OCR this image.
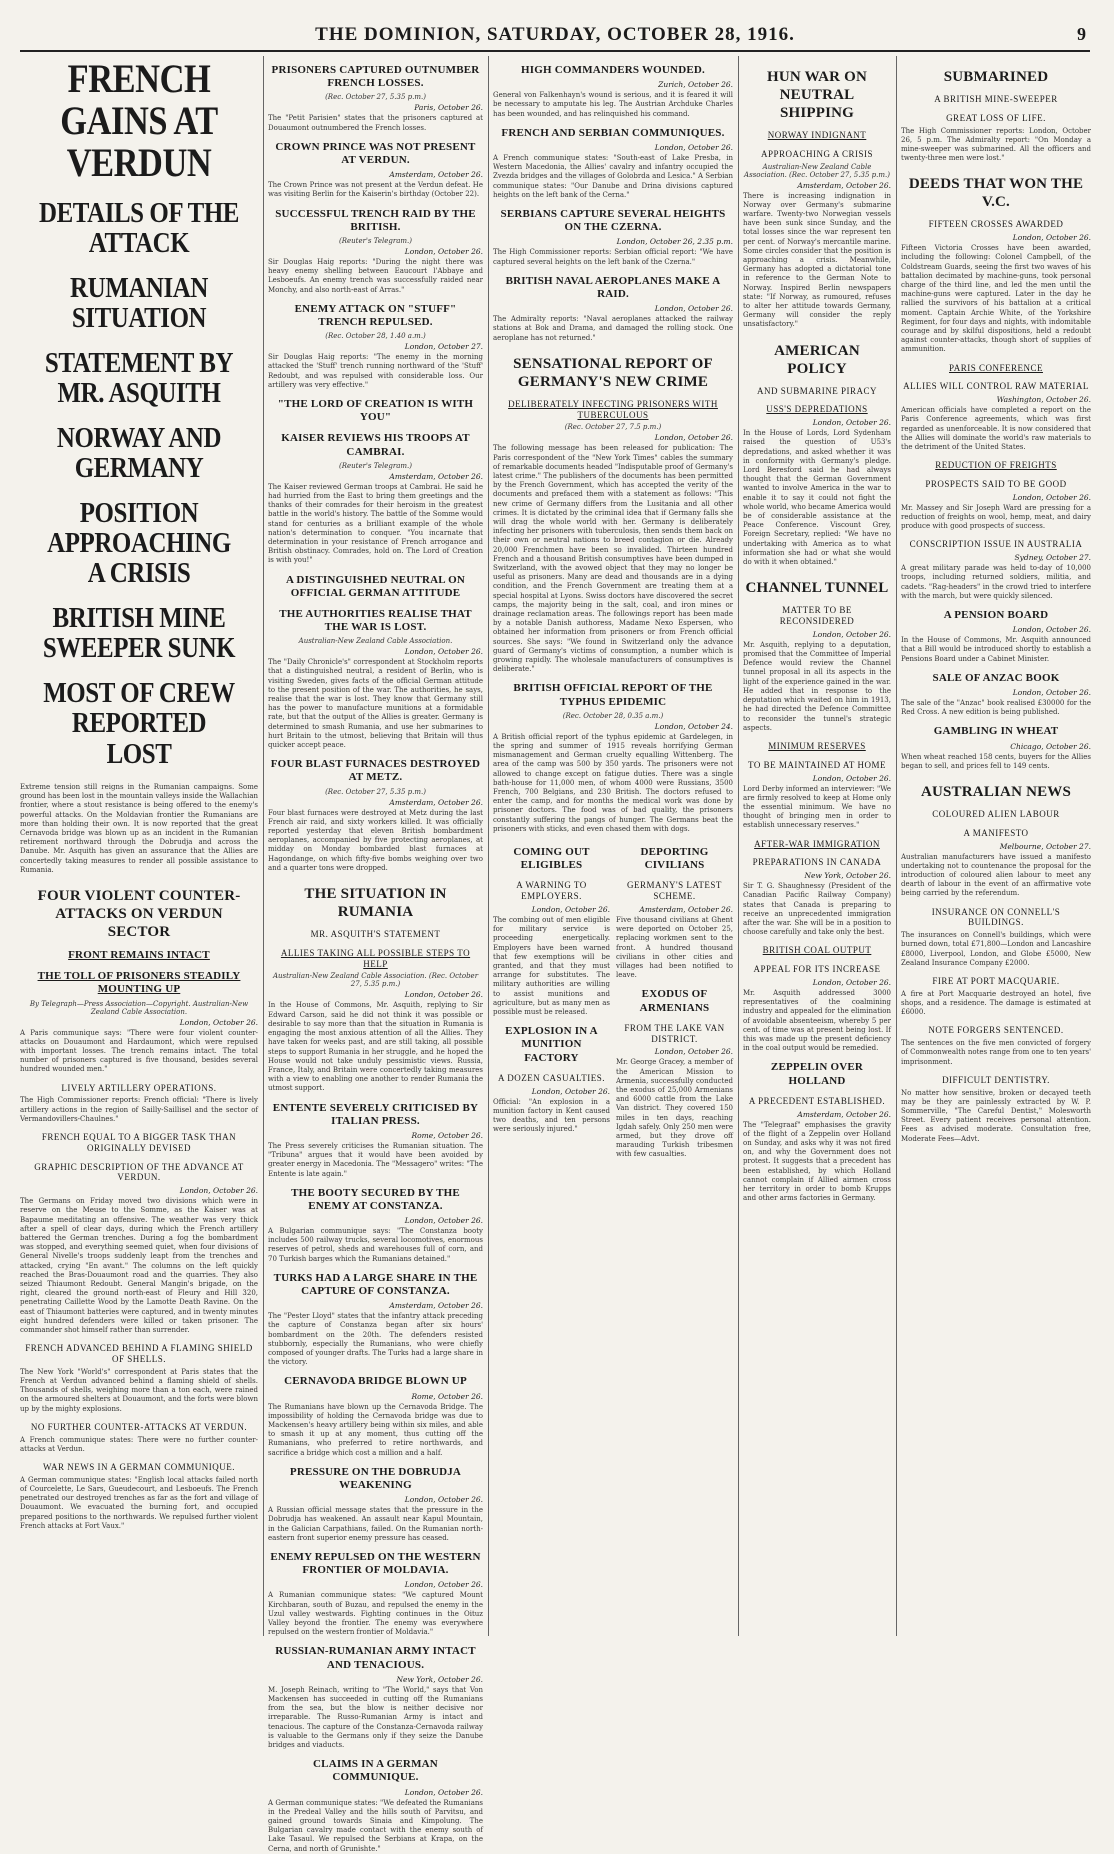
THE DOMINION, SATURDAY, OCTOBER 28, 1916.	9
FRENCH GAINS AT VERDUN
DETAILS OF THE ATTACK
RUMANIAN SITUATION
STATEMENT BY MR. ASQUITH
NORWAY AND GERMANY
POSITION APPROACHING A CRISIS
BRITISH MINE SWEEPER SUNK
MOST OF CREW REPORTED LOST
Extreme tension still reigns in the Rumanian campaigns. Some ground has been lost in the mountain valleys inside the Wallachian frontier, where a stout resistance is being offered to the enemy's powerful attacks. On the Moldavian frontier the Rumanians are more than holding their own. It is now reported that the great Cernavoda bridge was blown up as an incident in the Rumanian retirement northward through the Dobrudja and across the Danube. Mr. Asquith has given an assurance that the Allies are concertedly taking measures to render all possible assistance to Rumania.
FOUR VIOLENT COUNTER-ATTACKS ON VERDUN SECTOR
FRONT REMAINS INTACT
THE TOLL OF PRISONERS STEADILY MOUNTING UP
By Telegraph—Press Association—Copyright. Australian-New Zealand Cable Association.
London, October 26.
A Paris communique says: "There were four violent counter-attacks on Douaumont and Hardaumont, which were repulsed with important losses. The trench remains intact. The total number of prisoners captured is five thousand, besides several hundred wounded men."
LIVELY ARTILLERY OPERATIONS.
The High Commissioner reports: French official: "There is lively artillery actions in the region of Sailly-Saillisel and the sector of Vermandovillers-Chaulnes."
FRENCH EQUAL TO A BIGGER TASK THAN ORIGINALLY DEVISED
GRAPHIC DESCRIPTION OF THE ADVANCE AT VERDUN.
London, October 26.
The Germans on Friday moved two divisions which were in reserve on the Meuse to the Somme, as the Kaiser was at Bapaume meditating an offensive. The weather was very thick after a spell of clear days, during which the French artillery battered the German trenches. During a fog the bombardment was stopped, and everything seemed quiet, when four divisions of General Nivelle's troops suddenly leapt from the trenches and attacked, crying "En avant." The columns on the left quickly reached the Bras-Douaumont road and the quarries. They also seized Thiaumont Redoubt. General Mangin's brigade, on the right, cleared the ground north-east of Fleury and Hill 320, penetrating Caillette Wood by the Lamotte Death Ravine. On the east of Thiaumont batteries were captured, and in twenty minutes eight hundred defenders were killed or taken prisoner. The commander shot himself rather than surrender.
FRENCH ADVANCED BEHIND A FLAMING SHIELD OF SHELLS.
The New York "World's" correspondent at Paris states that the French at Verdun advanced behind a flaming shield of shells. Thousands of shells, weighing more than a ton each, were rained on the armoured shelters at Douaumont, and the forts were blown up by the mighty explosions.
NO FURTHER COUNTER-ATTACKS AT VERDUN.
A French communique states: There were no further counter-attacks at Verdun.
WAR NEWS IN A GERMAN COMMUNIQUE.
A German communique states: "English local attacks failed north of Courcelette, Le Sars, Gueudecourt, and Lesboeufs. The French penetrated our destroyed trenches as far as the fort and village of Douaumont. We evacuated the burning fort, and occupied prepared positions to the northwards. We repulsed further violent French attacks at Fort Vaux."
PRISONERS CAPTURED OUTNUMBER FRENCH LOSSES.
(Rec. October 27, 5.35 p.m.)
Paris, October 26.
The "Petit Parisien" states that the prisoners captured at Douaumont outnumbered the French losses.
CROWN PRINCE WAS NOT PRESENT AT VERDUN.
Amsterdam, October 26.
The Crown Prince was not present at the Verdun defeat. He was visiting Berlin for the Kaiserin's birthday (October 22).
SUCCESSFUL TRENCH RAID BY THE BRITISH.
(Reuter's Telegram.)
London, October 26.
Sir Douglas Haig reports: "During the night there was heavy enemy shelling between Eaucourt l'Abbaye and Lesboeufs. An enemy trench was successfully raided near Monchy, and also north-east of Arras."
ENEMY ATTACK ON "STUFF" TRENCH REPULSED.
(Rec. October 28, 1.40 a.m.)
London, October 27.
Sir Douglas Haig reports: "The enemy in the morning attacked the 'Stuff' trench running northward of the 'Stuff' Redoubt, and was repulsed with considerable loss. Our artillery was very effective."
"THE LORD OF CREATION IS WITH YOU"
KAISER REVIEWS HIS TROOPS AT CAMBRAI.
(Reuter's Telegram.)
Amsterdam, October 26.
The Kaiser reviewed German troops at Cambrai. He said he had hurried from the East to bring them greetings and the thanks of their comrades for their heroism in the greatest battle in the world's history. The battle of the Somme would stand for centuries as a brilliant example of the whole nation's determination to conquer. "You incarnate that determination in your resistance of French arrogance and British obstinacy. Comrades, hold on. The Lord of Creation is with you!"
A DISTINGUISHED NEUTRAL ON OFFICIAL GERMAN ATTITUDE
THE AUTHORITIES REALISE THAT THE WAR IS LOST.
Australian-New Zealand Cable Association.
London, October 26.
The "Daily Chronicle's" correspondent at Stockholm reports that a distinguished neutral, a resident of Berlin, who is visiting Sweden, gives facts of the official German attitude to the present position of the war. The authorities, he says, realise that the war is lost. They know that Germany still has the power to manufacture munitions at a formidable rate, but that the output of the Allies is greater. Germany is determined to smash Rumania, and use her submarines to hurt Britain to the utmost, believing that Britain will thus quicker accept peace.
FOUR BLAST FURNACES DESTROYED AT METZ.
(Rec. October 27, 5.35 p.m.)
Amsterdam, October 26.
Four blast furnaces were destroyed at Metz during the last French air raid, and sixty workers killed. It was officially reported yesterday that eleven British bombardment aeroplanes, accompanied by five protecting aeroplanes, at midday on Monday bombarded blast furnaces at Hagondange, on which fifty-five bombs weighing over two and a quarter tons were dropped.
THE SITUATION IN RUMANIA
MR. ASQUITH'S STATEMENT
ALLIES TAKING ALL POSSIBLE STEPS TO HELP
Australian-New Zealand Cable Association. (Rec. October 27, 5.35 p.m.)
London, October 26.
In the House of Commons, Mr. Asquith, replying to Sir Edward Carson, said he did not think it was possible or desirable to say more than that the situation in Rumania is engaging the most anxious attention of all the Allies. They have taken for weeks past, and are still taking, all possible steps to support Rumania in her struggle, and he hoped the House would not take unduly pessimistic views. Russia, France, Italy, and Britain were concertedly taking measures with a view to enabling one another to render Rumania the utmost support.
ENTENTE SEVERELY CRITICISED BY ITALIAN PRESS.
Rome, October 26.
The Press severely criticises the Rumanian situation. The "Tribuna" argues that it would have been avoided by greater energy in Macedonia. The "Messagero" writes: "The Entente is late again."
THE BOOTY SECURED BY THE ENEMY AT CONSTANZA.
London, October 26.
A Bulgarian communique says: "The Constanza booty includes 500 railway trucks, several locomotives, enormous reserves of petrol, sheds and warehouses full of corn, and 70 Turkish barges which the Rumanians detained."
TURKS HAD A LARGE SHARE IN THE CAPTURE OF CONSTANZA.
Amsterdam, October 26.
The "Pester Lloyd" states that the infantry attack preceding the capture of Constanza began after six hours' bombardment on the 20th. The defenders resisted stubbornly, especially the Rumanians, who were chiefly composed of younger drafts. The Turks had a large share in the victory.
CERNAVODA BRIDGE BLOWN UP
Rome, October 26.
The Rumanians have blown up the Cernavoda Bridge. The impossibility of holding the Cernavoda bridge was due to Mackensen's heavy artillery being within six miles, and able to smash it up at any moment, thus cutting off the Rumanians, who preferred to retire northwards, and sacrifice a bridge which cost a million and a half.
PRESSURE ON THE DOBRUDJA WEAKENING
London, October 26.
A Russian official message states that the pressure in the Dobrudja has weakened. An assault near Kapul Mountain, in the Galician Carpathians, failed. On the Rumanian north-eastern front superior enemy pressure has ceased.
ENEMY REPULSED ON THE WESTERN FRONTIER OF MOLDAVIA.
London, October 26.
A Rumanian communique states: "We captured Mount Kirchbaran, south of Buzau, and repulsed the enemy in the Uzul valley westwards. Fighting continues in the Oituz Valley beyond the frontier. The enemy was everywhere repulsed on the western frontier of Moldavia."
RUSSIAN-RUMANIAN ARMY INTACT AND TENACIOUS.
New York, October 26.
M. Joseph Reinach, writing to "The World," says that Von Mackensen has succeeded in cutting off the Rumanians from the sea, but the blow is neither decisive nor irreparable. The Russo-Rumanian Army is intact and tenacious. The capture of the Constanza-Cernavoda railway is valuable to the Germans only if they seize the Danube bridges and viaducts.
CLAIMS IN A GERMAN COMMUNIQUE.
London, October 26.
A German communique states: "We defeated the Rumanians in the Predeal Valley and the hills south of Parvitsu, and gained ground towards Sinaia and Kimpolung. The Bulgarian cavalry made contact with the enemy south of Lake Tasaul. We repulsed the Serbians at Krapa, on the Cerna, and north of Grunishte."
HIGH COMMANDERS WOUNDED.
Zurich, October 26.
General von Falkenhayn's wound is serious, and it is feared it will be necessary to amputate his leg. The Austrian Archduke Charles has been wounded, and has relinquished his command.
FRENCH AND SERBIAN COMMUNIQUES.
London, October 26.
A French communique states: "South-east of Lake Presba, in Western Macedonia, the Allies' cavalry and infantry occupied the Zvezda bridges and the villages of Golobrda and Lesica." A Serbian communique states: "Our Danube and Drina divisions captured heights on the left bank of the Cerna."
SERBIANS CAPTURE SEVERAL HEIGHTS ON THE CZERNA.
London, October 26, 2.35 p.m.
The High Commissioner reports: Serbian official report: "We have captured several heights on the left bank of the Czerna."
BRITISH NAVAL AEROPLANES MAKE A RAID.
London, October 26.
The Admiralty reports: "Naval aeroplanes attacked the railway stations at Bok and Drama, and damaged the rolling stock. One aeroplane has not returned."
SENSATIONAL REPORT OF GERMANY'S NEW CRIME
DELIBERATELY INFECTING PRISONERS WITH TUBERCULOUS
(Rec. October 27, 7.5 p.m.)
London, October 26.
The following message has been released for publication: The Paris correspondent of the "New York Times" cables the summary of remarkable documents headed "Indisputable proof of Germany's latest crime." The publishers of the documents has been permitted by the French Government, which has accepted the verity of the documents and prefaced them with a statement as follows: "This new crime of Germany differs from the Lusitania and all other crimes. It is dictated by the criminal idea that if Germany falls she will drag the whole world with her. Germany is deliberately infecting her prisoners with tuberculosis, then sends them back on their own or neutral nations to breed contagion or die. Already 20,000 Frenchmen have been so invalided. Thirteen hundred French and a thousand British consumptives have been dumped in Switzerland, with the avowed object that they may no longer be useful as prisoners. Many are dead and thousands are in a dying condition, and the French Government are treating them at a special hospital at Lyons. Swiss doctors have discovered the secret camps, the majority being in the salt, coal, and iron mines or drainage reclamation areas. The followings report has been made by a notable Danish authoress, Madame Nexo Espersen, who obtained her information from prisoners or from French official sources. She says: "We found in Switzerland only the advance guard of Germany's victims of consumption, a number which is growing rapidly. The wholesale manufacturers of consumptives is deliberate."
BRITISH OFFICIAL REPORT OF THE TYPHUS EPIDEMIC
(Rec. October 28, 0.35 a.m.)
London, October 24.
A British official report of the typhus epidemic at Gardelegen, in the spring and summer of 1915 reveals horrifying German mismanagement and German cruelty equalling Wittenberg. The area of the camp was 500 by 350 yards. The prisoners were not allowed to change except on fatigue duties. There was a single bath-house for 11,000 men, of whom 4000 were Russians, 3500 French, 700 Belgians, and 230 British. The doctors refused to enter the camp, and for months the medical work was done by prisoner doctors. The food was of bad quality, the prisoners constantly suffering the pangs of hunger. The Germans beat the prisoners with sticks, and even chased them with dogs.
COMING OUT ELIGIBLES
A WARNING TO EMPLOYERS.
London, October 26.
The combing out of men eligible for military service is proceeding energetically. Employers have been warned that few exemptions will be granted, and that they must arrange for substitutes. The military authorities are willing to assist munitions and agriculture, but as many men as possible must be released.
EXPLOSION IN A MUNITION FACTORY
A DOZEN CASUALTIES.
London, October 26.
Official: "An explosion in a munition factory in Kent caused two deaths, and ten persons were seriously injured."
DEPORTING CIVILIANS
GERMANY'S LATEST SCHEME.
Amsterdam, October 26.
Five thousand civilians at Ghent were deported on October 25, replacing workmen sent to the front. A hundred thousand civilians in other cities and villages had been notified to leave.
EXODUS OF ARMENIANS
FROM THE LAKE VAN DISTRICT.
London, October 26.
Mr. George Gracey, a member of the American Mission to Armenia, successfully conducted the exodus of 25,000 Armenians and 6000 cattle from the Lake Van district. They covered 150 miles in ten days, reaching Igdah safely. Only 250 men were armed, but they drove off marauding Turkish tribesmen with few casualties.
HUN WAR ON NEUTRAL SHIPPING
NORWAY INDIGNANT
APPROACHING A CRISIS
Australian-New Zealand Cable Association. (Rec. October 27, 5.35 p.m.)
Amsterdam, October 26.
There is increasing indignation in Norway over Germany's submarine warfare. Twenty-two Norwegian vessels have been sunk since Sunday, and the total losses since the war represent ten per cent. of Norway's mercantile marine. Some circles consider that the position is approaching a crisis. Meanwhile, Germany has adopted a dictatorial tone in reference to the German Note to Norway. Inspired Berlin newspapers state: "If Norway, as rumoured, refuses to alter her attitude towards Germany, Germany will consider the reply unsatisfactory."
AMERICAN POLICY
AND SUBMARINE PIRACY
USS'S DEPREDATIONS
London, October 26.
In the House of Lords, Lord Sydenham raised the question of U53's depredations, and asked whether it was in conformity with Germany's pledge. Lord Beresford said he had always thought that the German Government wanted to involve America in the war to enable it to say it could not fight the whole world, who became America would be of considerable assistance at the Peace Conference. Viscount Grey, Foreign Secretary, replied: "We have no undertaking with America as to what information she had or what she would do with it when obtained."
CHANNEL TUNNEL
MATTER TO BE RECONSIDERED
London, October 26.
Mr. Asquith, replying to a deputation, promised that the Committee of Imperial Defence would review the Channel tunnel proposal in all its aspects in the light of the experience gained in the war. He added that in response to the deputation which waited on him in 1913, he had directed the Defence Committee to reconsider the tunnel's strategic aspects.
MINIMUM RESERVES
TO BE MAINTAINED AT HOME
London, October 26.
Lord Derby informed an interviewer: "We are firmly resolved to keep at Home only the essential minimum. We have no thought of bringing men in order to establish unnecessary reserves."
AFTER-WAR IMMIGRATION
PREPARATIONS IN CANADA
New York, October 26.
Sir T. G. Shaughnessy (President of the Canadian Pacific Railway Company) states that Canada is preparing to receive an unprecedented immigration after the war. She will be in a position to choose carefully and take only the best.
BRITISH COAL OUTPUT
APPEAL FOR ITS INCREASE
London, October 26.
Mr. Asquith addressed 3000 representatives of the coalmining industry and appealed for the elimination of avoidable absenteeism, whereby 5 per cent. of time was at present being lost. If this was made up the present deficiency in the coal output would be remedied.
ZEPPELIN OVER HOLLAND
A PRECEDENT ESTABLISHED.
Amsterdam, October 26.
The "Telegraaf" emphasises the gravity of the flight of a Zeppelin over Holland on Sunday, and asks why it was not fired on, and why the Government does not protest. It suggests that a precedent has been established, by which Holland cannot complain if Allied airmen cross her territory in order to bomb Krupps and other arms factories in Germany.
SUBMARINED
A BRITISH MINE-SWEEPER
GREAT LOSS OF LIFE.
The High Commissioner reports: London, October 26, 5 p.m. The Admiralty report: "On Monday a mine-sweeper was submarined. All the officers and twenty-three men were lost."
DEEDS THAT WON THE V.C.
FIFTEEN CROSSES AWARDED
London, October 26.
Fifteen Victoria Crosses have been awarded, including the following: Colonel Campbell, of the Coldstream Guards, seeing the first two waves of his battalion decimated by machine-guns, took personal charge of the third line, and led the men until the machine-guns were captured. Later in the day he rallied the survivors of his battalion at a critical moment. Captain Archie White, of the Yorkshire Regiment, for four days and nights, with indomitable courage and by skilful dispositions, held a redoubt against counter-attacks, though short of supplies of ammunition.
PARIS CONFERENCE
ALLIES WILL CONTROL RAW MATERIAL
Washington, October 26.
American officials have completed a report on the Paris Conference agreements, which was first regarded as unenforceable. It is now considered that the Allies will dominate the world's raw materials to the detriment of the United States.
REDUCTION OF FREIGHTS
PROSPECTS SAID TO BE GOOD
London, October 26.
Mr. Massey and Sir Joseph Ward are pressing for a reduction of freights on wool, hemp, meat, and dairy produce with good prospects of success.
CONSCRIPTION ISSUE IN AUSTRALIA
Sydney, October 27.
A great military parade was held to-day of 10,000 troops, including returned soldiers, militia, and cadets. "Rag-headers" in the crowd tried to interfere with the march, but were quickly silenced.
A PENSION BOARD
London, October 26.
In the House of Commons, Mr. Asquith announced that a Bill would be introduced shortly to establish a Pensions Board under a Cabinet Minister.
SALE OF ANZAC BOOK
London, October 26.
The sale of the "Anzac" book realised £30000 for the Red Cross. A new edition is being published.
GAMBLING IN WHEAT
Chicago, October 26.
When wheat reached 158 cents, buyers for the Allies began to sell, and prices fell to 149 cents.
AUSTRALIAN NEWS
COLOURED ALIEN LABOUR
A MANIFESTO
Melbourne, October 27.
Australian manufacturers have issued a manifesto undertaking not to countenance the proposal for the introduction of coloured alien labour to meet any dearth of labour in the event of an affirmative vote being carried by the referendum.
INSURANCE ON CONNELL'S BUILDINGS.
The insurances on Connell's buildings, which were burned down, total £71,800—London and Lancashire £8000, Liverpool, London, and Globe £5000, New Zealand Insurance Company £2000.
FIRE AT PORT MACQUARIE.
A fire at Port Macquarie destroyed an hotel, five shops, and a residence. The damage is estimated at £6000.
NOTE FORGERS SENTENCED.
The sentences on the five men convicted of forgery of Commonwealth notes range from one to ten years' imprisonment.
DIFFICULT DENTISTRY.
No matter how sensitive, broken or decayed teeth may be they are painlessly extracted by W. P. Sommerville, "The Careful Dentist," Molesworth Street. Every patient receives personal attention. Fees as advised moderate. Consultation free, Moderate Fees—Advt.
